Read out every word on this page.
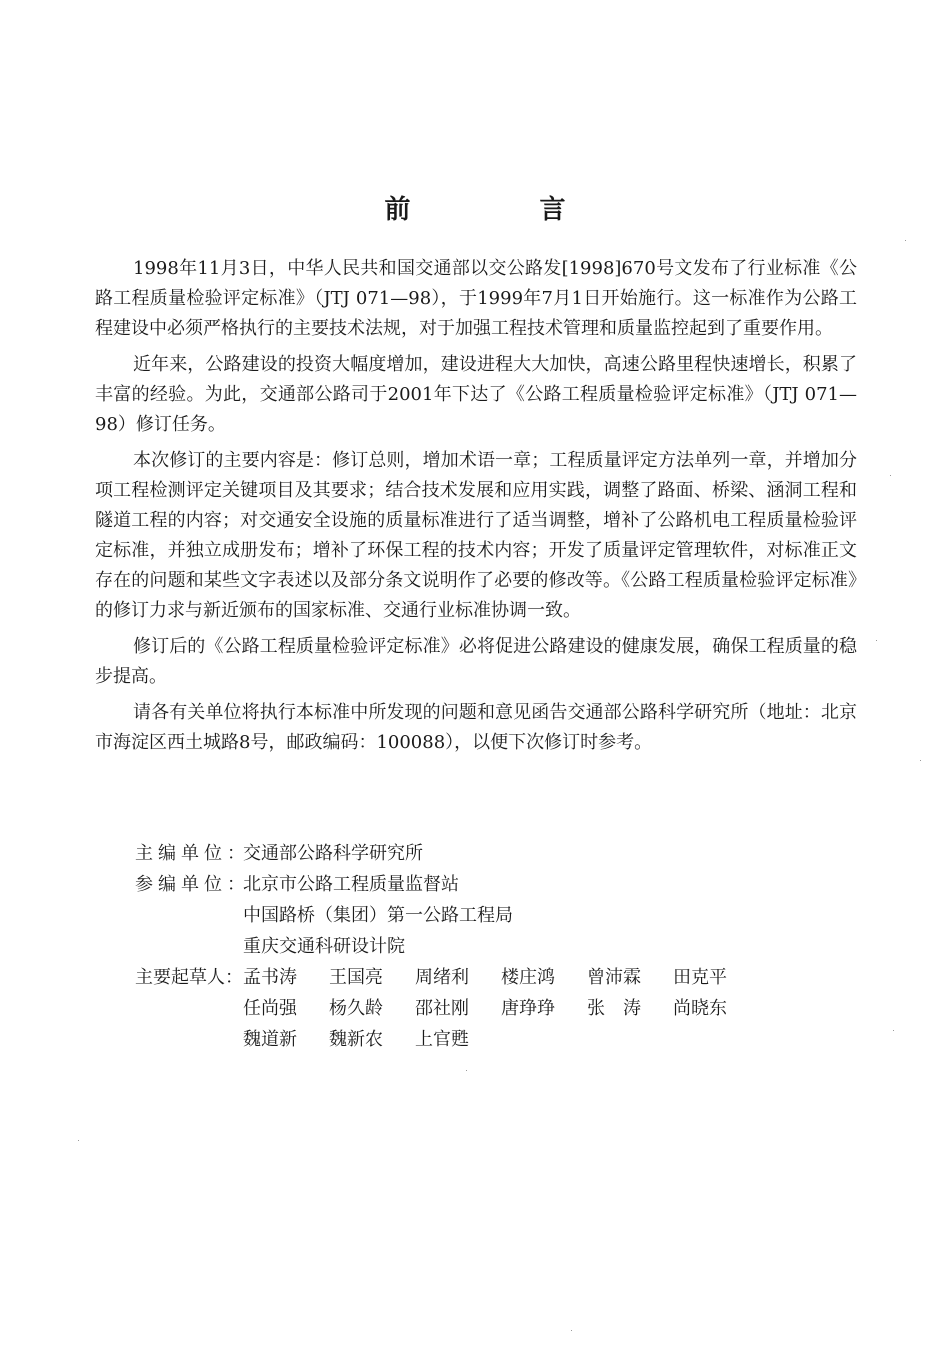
前 言

1998年11月3日，中华人民共和国交通部以交公路发[1998]670号文发布了行业标准《公路工程质量检验评定标准》（JTJ 071—98），于1999年7月1日开始施行。这一标准作为公路工程建设中必须严格执行的主要技术法规，对于加强工程技术管理和质量监控起到了重要作用。

近年来，公路建设的投资大幅度增加，建设进程大大加快，高速公路里程快速增长，积累了丰富的经验。为此，交通部公路司于2001年下达了《公路工程质量检验评定标准》（JTJ 071—98）修订任务。

本次修订的主要内容是：修订总则，增加术语一章；工程质量评定方法单列一章，并增加分项工程检测评定关键项目及其要求；结合技术发展和应用实践，调整了路面、桥梁、涵洞工程和隧道工程的内容；对交通安全设施的质量标准进行了适当调整，增补了公路机电工程质量检验评定标准，并独立成册发布；增补了环保工程的技术内容；开发了质量评定管理软件，对标准正文存在的问题和某些文字表述以及部分条文说明作了必要的修改等。《公路工程质量检验评定标准》的修订力求与新近颁布的国家标准、交通行业标准协调一致。

修订后的《公路工程质量检验评定标准》必将促进公路建设的健康发展，确保工程质量的稳步提高。

请各有关单位将执行本标准中所发现的问题和意见函告交通部公路科学研究所（地址：北京市海淀区西土城路8号，邮政编码：100088），以便下次修订时参考。

主编单位：
交通部公路科学研究所
参编单位：
北京市公路工程质量监督站
中国路桥（集团）第一公路工程局
重庆交通科研设计院
主要起草人： 孟书涛	王国亮	周绪利	楼庄鸿	曾沛霖	田克平
任尚强	杨久龄	邵社刚	唐琤琤	张　涛	尚晓东
魏道新	魏新农	上官甦
